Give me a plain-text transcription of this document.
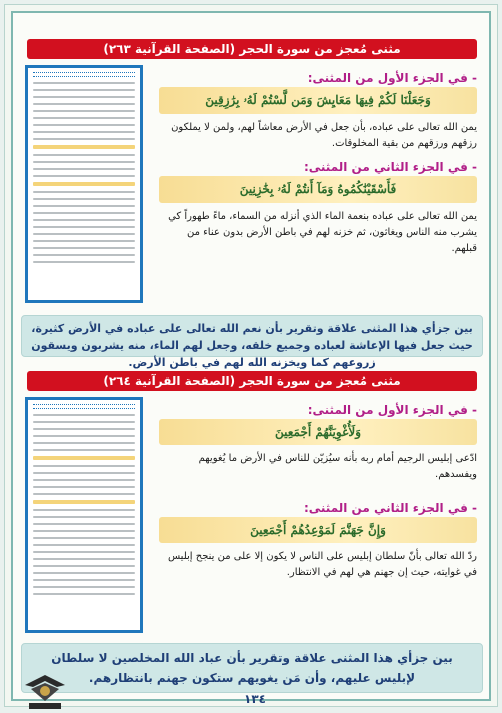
مثنى مُعجز من سورة الحجر (الصفحة القرآنية ٢٦٣)
- في الجزء الأول من المثنى:
وَجَعَلْنَا لَكُمْ فِيهَا مَعَايِشَ وَمَن لَّسْتُمْ لَهُۥ بِرَٰزِقِينَ
يمن الله تعالى على عباده، بأن جعل في الأرض معاشاً لهم، ولمن لا يملكون رزقهم ورزقهم من بقية المخلوقات.
- في الجزء الثاني من المثنى:
فَأَسْقَيْنَٰكُمُوهُ وَمَآ أَنتُمْ لَهُۥ بِخَٰزِنِينَ
يمن الله تعالى على عباده بنعمة الماء الذي أنزله من السماء، ماءً طهوراً كي يشرب منه الناس ويغاثون، ثم خزنه لهم في باطن الأرض بدون عناء من قبلهم.
بين جزأي هذا المثنى علاقة وتقرير بأن نعم الله تعالى على عباده في الأرض كثيرة، حيث جعل فيها الإعاشة لعباده وجميع خلقه، وجعل لهم الماء، منه يشربون ويسقون زروعهم كما ويخزنه الله لهم في باطن الأرض.
مثنى مُعجز من سورة الحجر (الصفحة القرآنية ٢٦٤)
- في الجزء الأول من المثنى:
وَلَأُغْوِيَنَّهُمْ أَجْمَعِينَ
ادّعى إبليس الرجيم أمام ربه بأنه سيُزيّن للناس في الأرض ما يُغويهم ويفسدهم.
- في الجزء الثاني من المثنى:
وَإِنَّ جَهَنَّمَ لَمَوْعِدُهُمْ أَجْمَعِينَ
ردّ الله تعالى بأنّ سلطان إبليس على الناس لا يكون إلا على من ينجح إبليس في غوايته، حيث إن جهنم هي لهم في الانتظار.
بين جزأي هذا المثنى علاقة وتقرير بأن عباد الله المخلصين لا سلطان لإبليس عليهم، وأن مَن يغويهم ستكون جهنم بانتظارهم.
١٣٤
